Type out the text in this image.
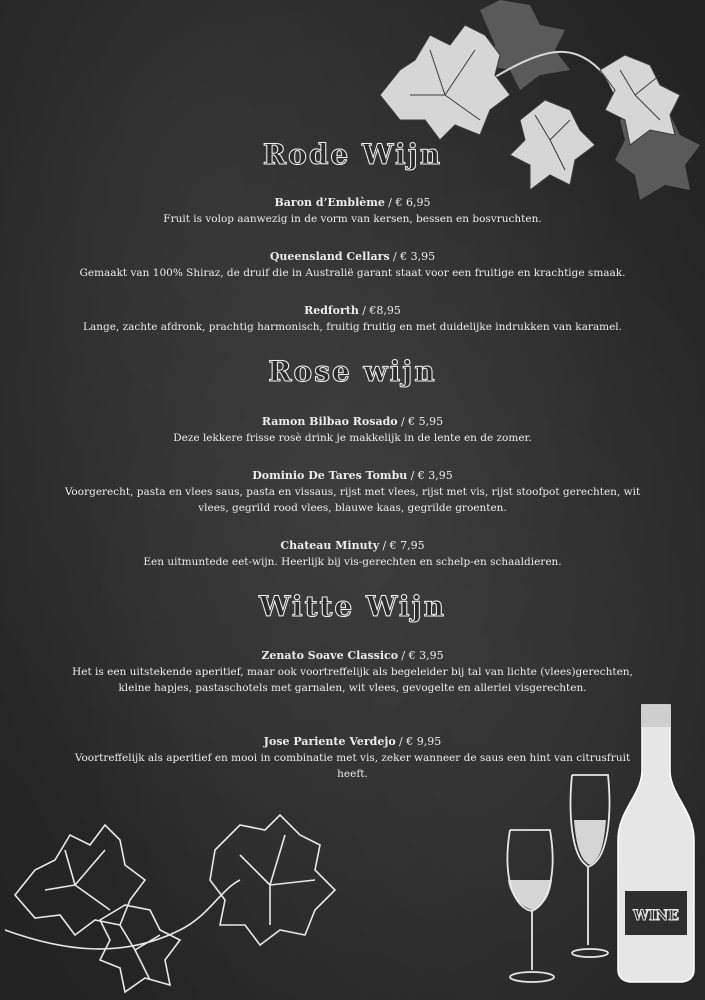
WINE
Rode Wijn
Baron d’Emblème / € 6,95
Fruit is volop aanwezig in de vorm van kersen, bessen en bosvruchten.
Queensland Cellars / € 3,95
Gemaakt van 100% Shiraz, de druif die in Australië garant staat voor een fruitige en krachtige smaak.
Redforth / €8,95
Lange, zachte afdronk, prachtig harmonisch, fruitig fruitig en met duidelijke indrukken van karamel.
Rose wijn
Ramon Bilbao Rosado / € 5,95
Deze lekkere frisse rosè drink je makkelijk in de lente en de zomer.
Dominio De Tares Tombu / € 3,95
Voorgerecht, pasta en vlees saus, pasta en vissaus, rijst met vlees, rijst met vis, rijst stoofpot gerechten, wit vlees, gegrild rood vlees, blauwe kaas, gegrilde groenten.
Chateau Minuty / € 7,95
Een uitmuntede eet-wijn. Heerlijk bij vis-gerechten en schelp-en schaaldieren.
Witte Wijn
Zenato Soave Classico / € 3,95
Het is een uitstekende aperitief, maar ook voortreffelijk als begeleider bij tal van lichte (vlees)gerechten, kleine hapjes, pastaschotels met garnalen, wit vlees, gevogelte en allerlei visgerechten.
Jose Pariente Verdejo / € 9,95
Voortreffelijk als aperitief en mooi in combinatie met vis, zeker wanneer de saus een hint van citrusfruit heeft.
